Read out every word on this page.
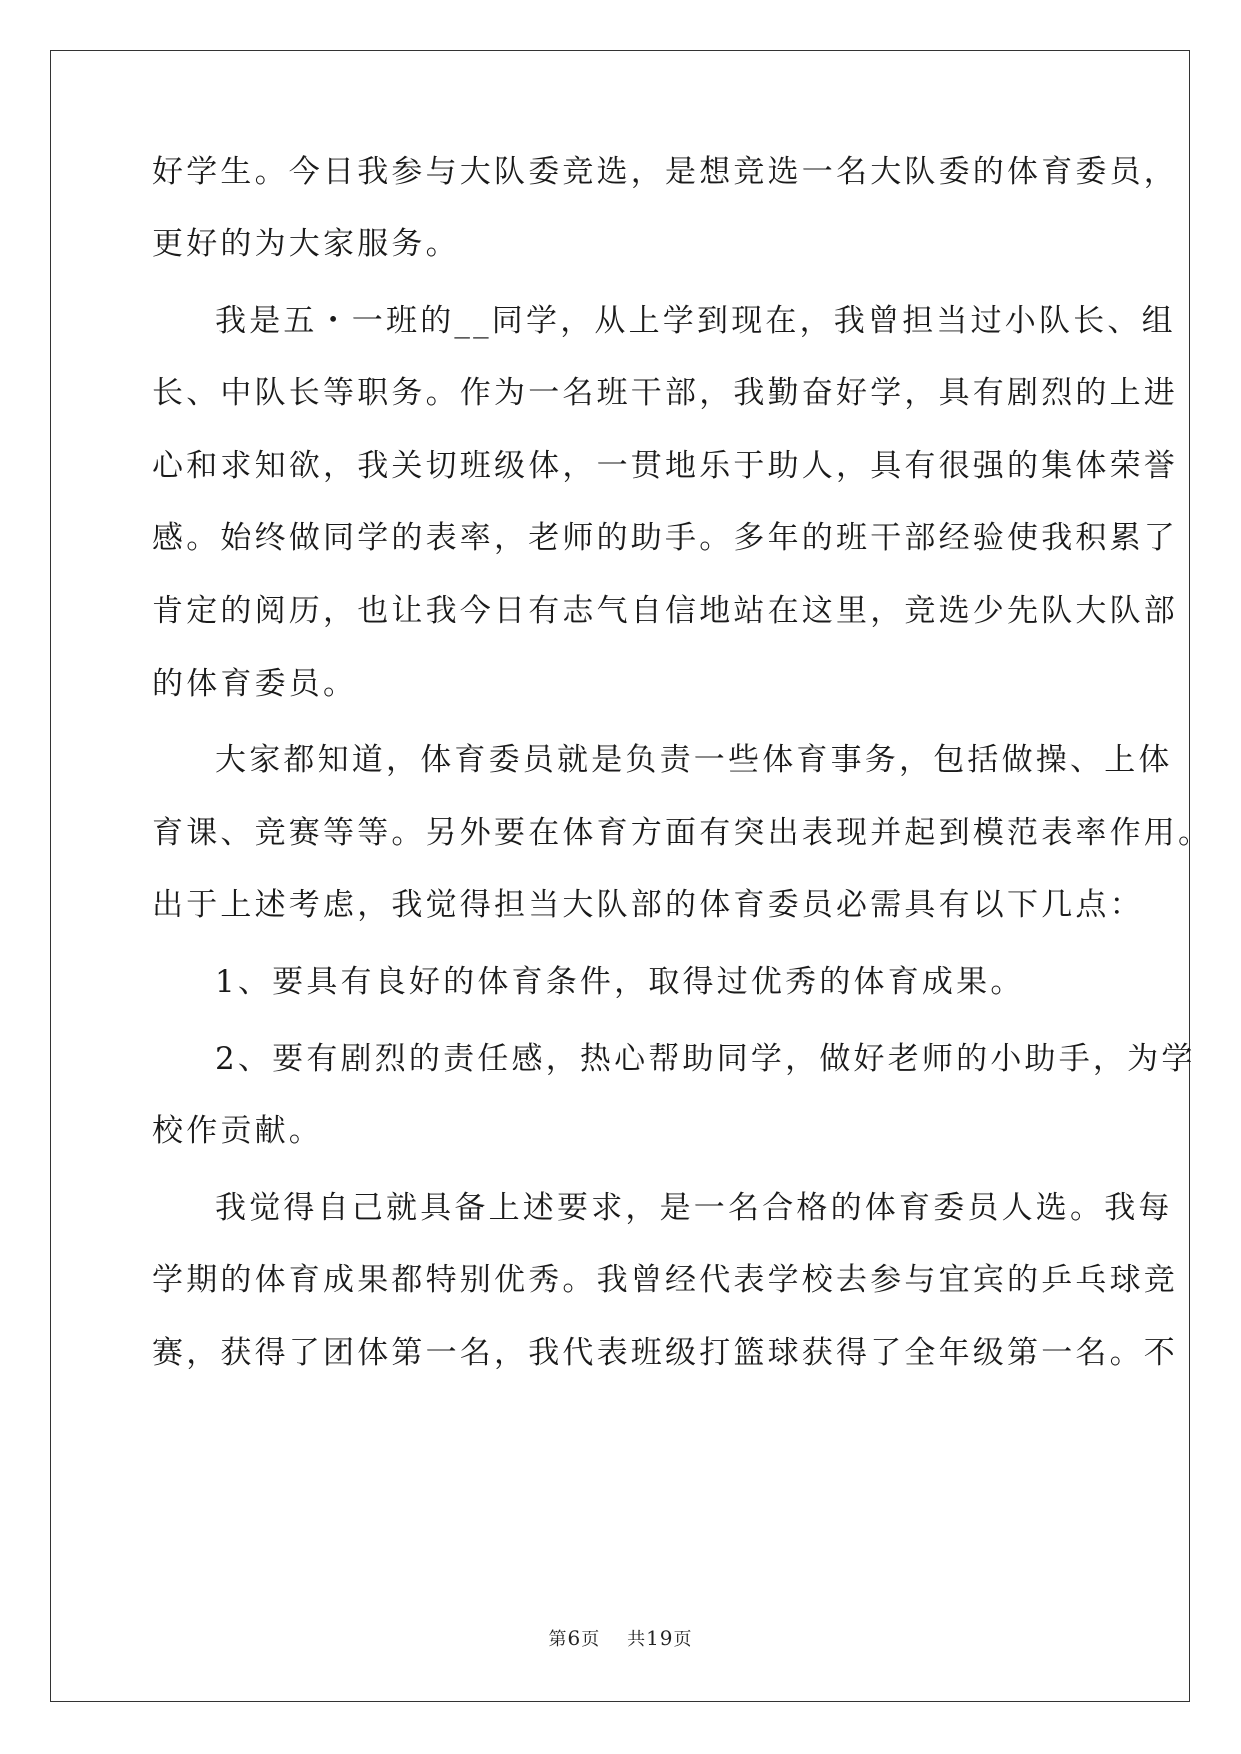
好学生。今日我参与大队委竞选，是想竞选一名大队委的体育委员，
更好的为大家服务。
我是五・一班的__同学，从上学到现在，我曾担当过小队长、组
长、中队长等职务。作为一名班干部，我勤奋好学，具有剧烈的上进
心和求知欲，我关切班级体，一贯地乐于助人，具有很强的集体荣誉
感。始终做同学的表率，老师的助手。多年的班干部经验使我积累了
肯定的阅历，也让我今日有志气自信地站在这里，竞选少先队大队部
的体育委员。
大家都知道，体育委员就是负责一些体育事务，包括做操、上体
育课、竞赛等等。另外要在体育方面有突出表现并起到模范表率作用。
出于上述考虑，我觉得担当大队部的体育委员必需具有以下几点：
1、要具有良好的体育条件，取得过优秀的体育成果。
2、要有剧烈的责任感，热心帮助同学，做好老师的小助手，为学
校作贡献。
我觉得自己就具备上述要求，是一名合格的体育委员人选。我每
学期的体育成果都特别优秀。我曾经代表学校去参与宜宾的乒乓球竞
赛，获得了团体第一名，我代表班级打篮球获得了全年级第一名。不
第6页 共19页
